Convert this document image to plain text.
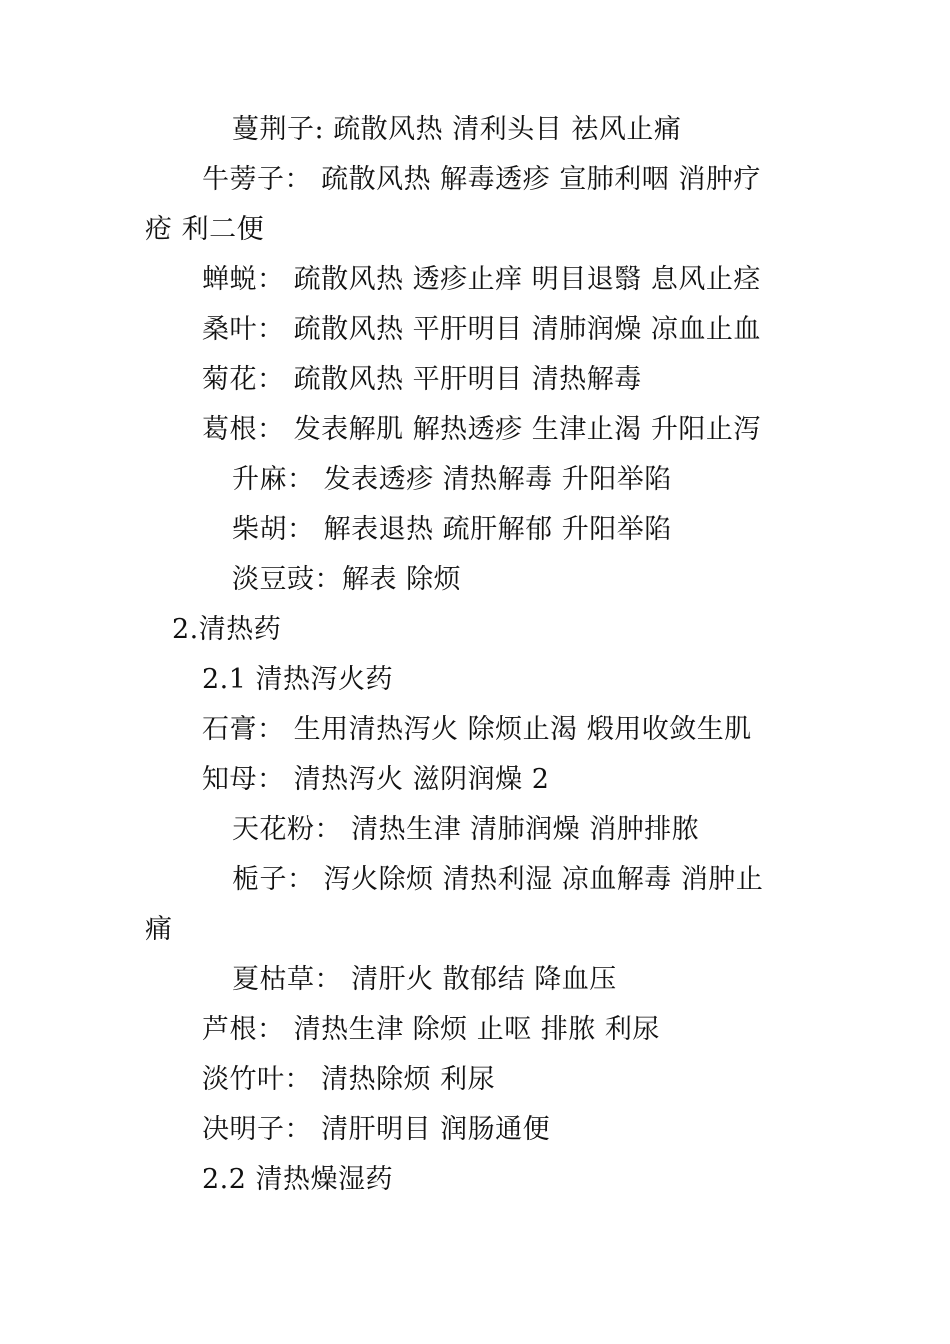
蔓荆子: 疏散风热 清利头目 祛风止痛
牛蒡子： 疏散风热 解毒透疹 宣肺利咽 消肿疗
疮 利二便
蝉蜕： 疏散风热 透疹止痒 明目退翳 息风止痉
桑叶： 疏散风热 平肝明目 清肺润燥 凉血止血
菊花： 疏散风热 平肝明目 清热解毒
葛根： 发表解肌 解热透疹 生津止渴 升阳止泻
升麻： 发表透疹 清热解毒 升阳举陷
柴胡： 解表退热 疏肝解郁 升阳举陷
淡豆豉：解表 除烦
2.清热药
2.1 清热泻火药
石膏： 生用清热泻火 除烦止渴 煅用收敛生肌
知母： 清热泻火 滋阴润燥 2
天花粉： 清热生津 清肺润燥 消肿排脓
栀子： 泻火除烦 清热利湿 凉血解毒 消肿止
痛
夏枯草： 清肝火 散郁结 降血压
芦根： 清热生津 除烦 止呕 排脓 利尿
淡竹叶： 清热除烦 利尿
决明子： 清肝明目 润肠通便
2.2 清热燥湿药
